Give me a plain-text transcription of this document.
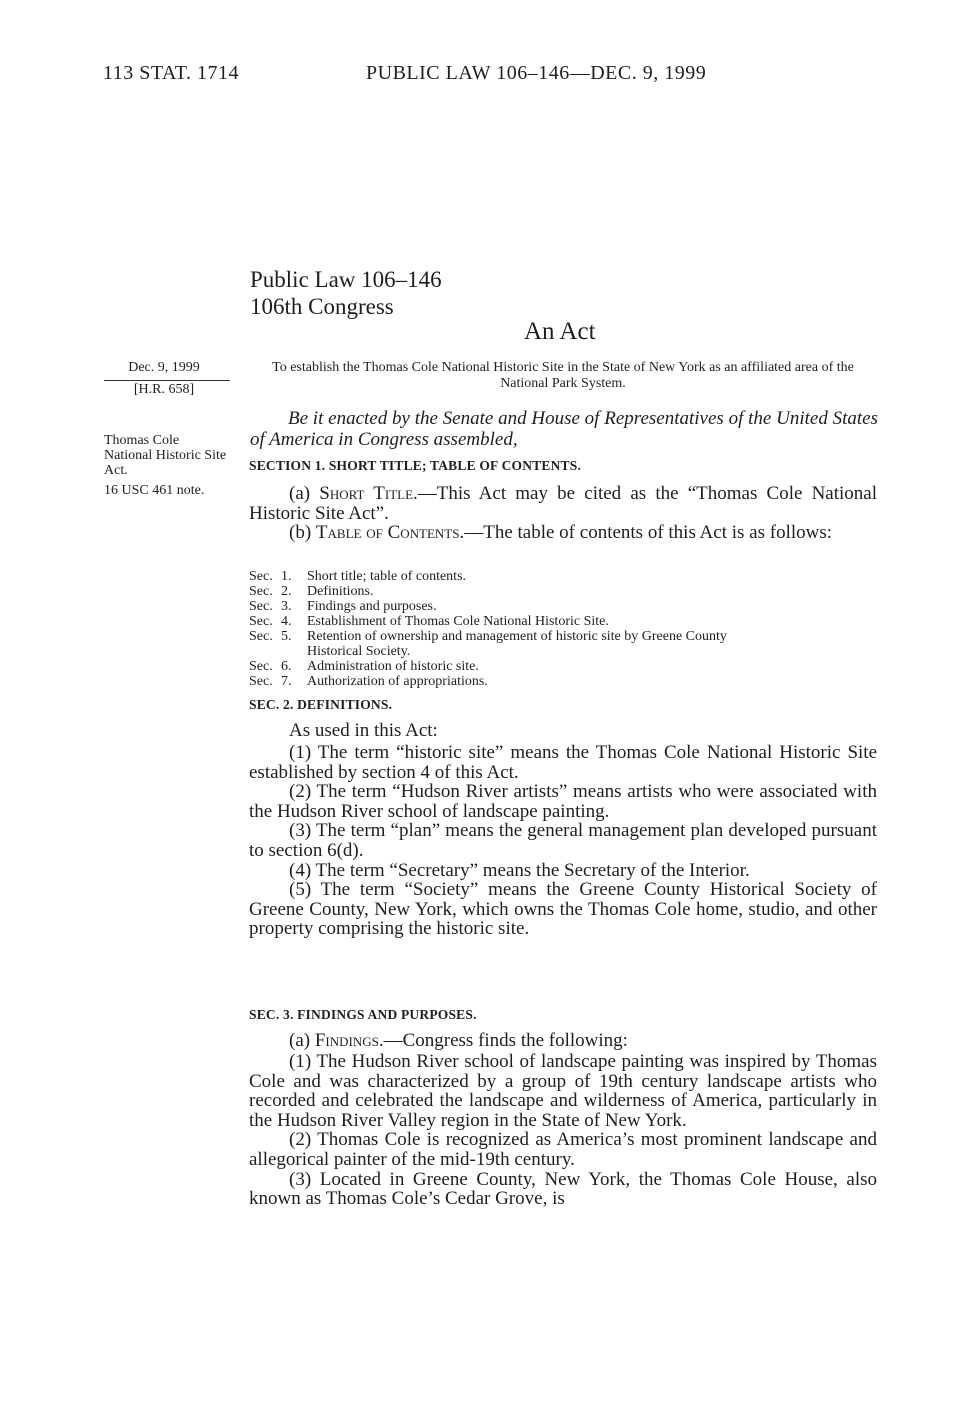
113 STAT. 1714	PUBLIC LAW 106–146—DEC. 9, 1999
Public Law 106–146
106th Congress
An Act
Dec. 9, 1999
[H.R. 658]
Thomas Cole National Historic Site Act.
16 USC 461 note.
To establish the Thomas Cole National Historic Site in the State of New York as an affiliated area of the National Park System.
Be it enacted by the Senate and House of Representatives of the United States of America in Congress assembled,
SECTION 1. SHORT TITLE; TABLE OF CONTENTS.

(a) Short Title.—This Act may be cited as the “Thomas Cole National Historic Site Act”.

(b) Table of Contents.—The table of contents of this Act is as follows:

Sec. 1.	Short title; table of contents.
Sec. 2.	Definitions.
Sec. 3.	Findings and purposes.
Sec. 4.	Establishment of Thomas Cole National Historic Site.
Sec. 5.	Retention of ownership and management of historic site by Greene County
Historical Society.
Sec. 6.	Administration of historic site.
Sec. 7.	Authorization of appropriations.
SEC. 2. DEFINITIONS.

As used in this Act:

(1) The term “historic site” means the Thomas Cole National Historic Site established by section 4 of this Act.

(2) The term “Hudson River artists” means artists who were associated with the Hudson River school of landscape painting.

(3) The term “plan” means the general management plan developed pursuant to section 6(d).

(4) The term “Secretary” means the Secretary of the Interior.

(5) The term “Society” means the Greene County Historical Society of Greene County, New York, which owns the Thomas Cole home, studio, and other property comprising the historic site.

SEC. 3. FINDINGS AND PURPOSES.

(a) Findings.—Congress finds the following:

(1) The Hudson River school of landscape painting was inspired by Thomas Cole and was characterized by a group of 19th century landscape artists who recorded and celebrated the landscape and wilderness of America, particularly in the Hudson River Valley region in the State of New York.

(2) Thomas Cole is recognized as America’s most prominent landscape and allegorical painter of the mid-19th century.

(3) Located in Greene County, New York, the Thomas Cole House, also known as Thomas Cole’s Cedar Grove, is
